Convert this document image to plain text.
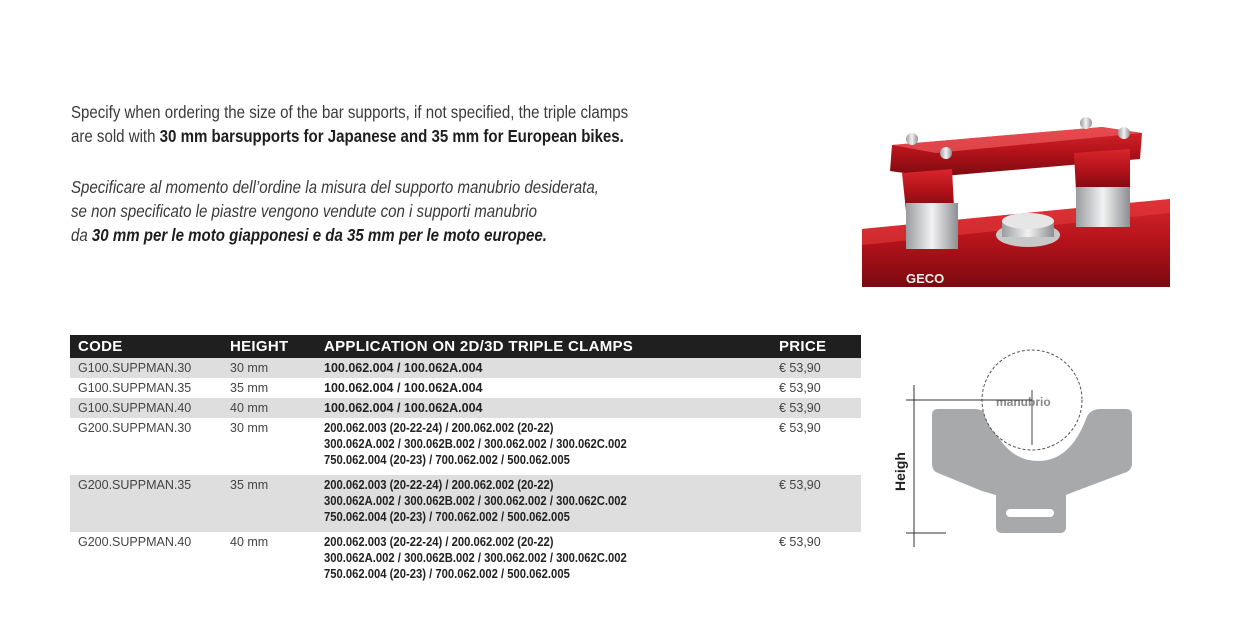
Specify when ordering the size of the bar supports, if not specified, the triple clamps
are sold with 30 mm barsupports for Japanese and 35 mm for European bikes.
Specificare al momento dell’ordine la misura del supporto manubrio desiderata,
se non specificato le piastre vengono vendute con i supporti manubrio
da 30 mm per le moto giapponesi e da 35 mm per le moto europee.
GECO
CODE	HEIGHT	APPLICATION ON 2D/3D TRIPLE CLAMPS	PRICE
G100.SUPPMAN.30	30 mm	100.062.004 / 100.062A.004	€ 53,90
G100.SUPPMAN.35	35 mm	100.062.004 / 100.062A.004	€ 53,90
G100.SUPPMAN.40	40 mm	100.062.004 / 100.062A.004	€ 53,90
G200.SUPPMAN.30	30 mm	200.062.003 (20-22-24) / 200.062.002 (20-22)
300.062A.002 / 300.062B.002 / 300.062.002 / 300.062C.002
750.062.004 (20-23) / 700.062.002 / 500.062.005	€ 53,90
G200.SUPPMAN.35	35 mm	200.062.003 (20-22-24) / 200.062.002 (20-22)
300.062A.002 / 300.062B.002 / 300.062.002 / 300.062C.002
750.062.004 (20-23) / 700.062.002 / 500.062.005	€ 53,90
G200.SUPPMAN.40	40 mm	200.062.003 (20-22-24) / 200.062.002 (20-22)
300.062A.002 / 300.062B.002 / 300.062.002 / 300.062C.002
750.062.004 (20-23) / 700.062.002 / 500.062.005	€ 53,90
manubrio
Heigh
